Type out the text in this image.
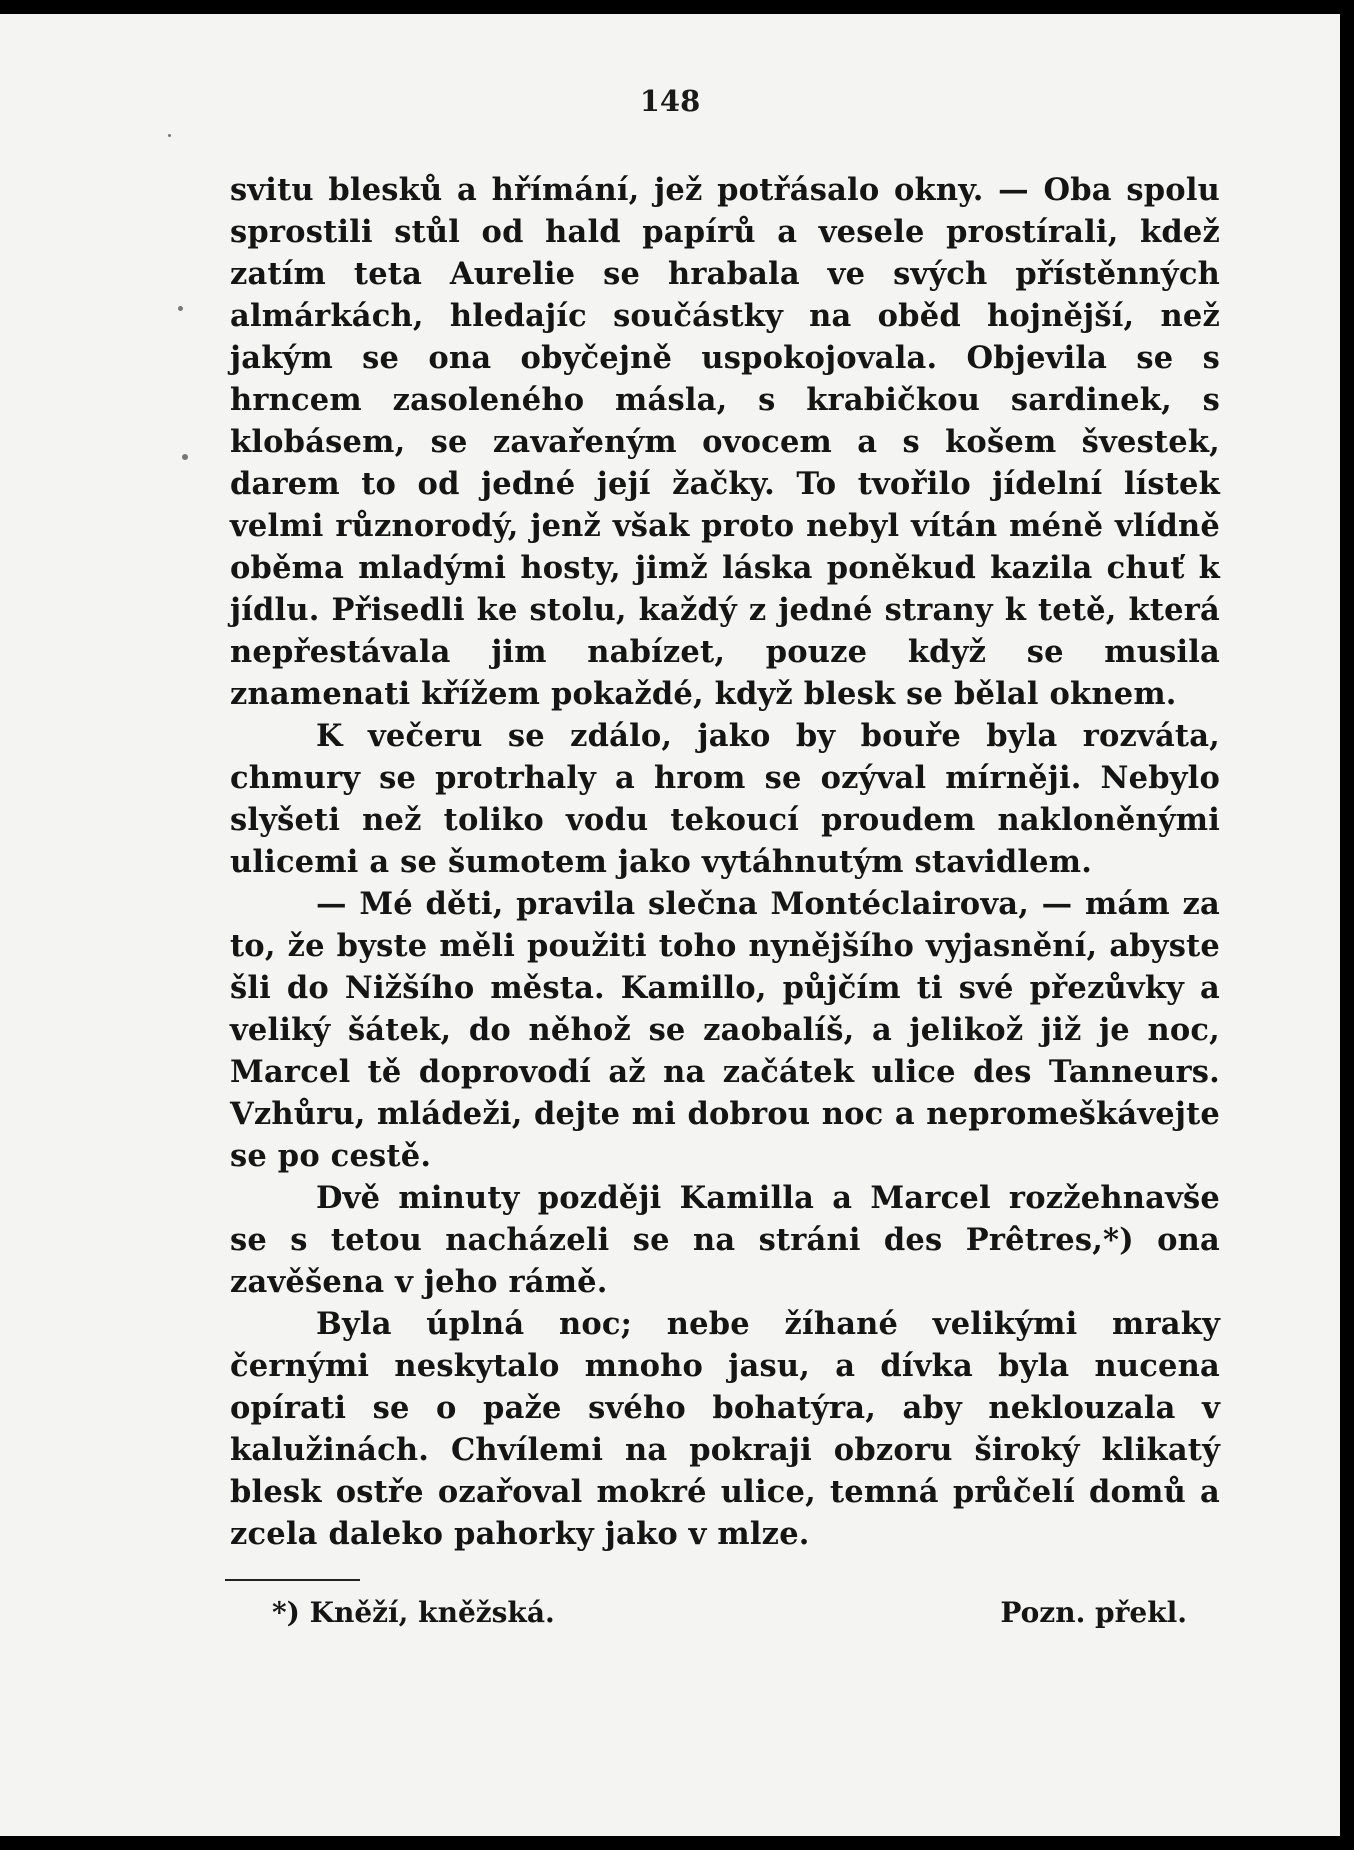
148

svitu blesků a hřímání, jež potřásalo okny. — Oba spolu sprostili stůl od hald papírů a vesele prostírali, kdež zatím teta Aurelie se hrabala ve svých přístěnných almárkách, hledajíc součástky na oběd hojnější, než jakým se ona obyčejně uspokojovala. Objevila se s hrncem zasoleného másla, s krabičkou sardinek, s klobásem, se zavařeným ovocem a s košem švestek, darem to od jedné její žačky. To tvořilo jídelní lístek velmi různorodý, jenž však proto nebyl vítán méně vlídně oběma mladými hosty, jimž láska poněkud kazila chuť k jídlu. Přisedli ke stolu, každý z jedné strany k tetě, která nepřestávala jim nabízet, pouze když se musila znamenati křížem pokaždé, když blesk se bělal oknem.

K večeru se zdálo, jako by bouře byla rozváta, chmury se protrhaly a hrom se ozýval mírněji. Nebylo slyšeti než toliko vodu tekoucí proudem nakloněnými ulicemi a se šumotem jako vytáhnutým stavidlem.

— Mé děti, pravila slečna Montéclairova, — mám za to, že byste měli použiti toho nynějšího vyjasnění, abyste šli do Nižšího města. Kamillo, půjčím ti své přezůvky a veliký šátek, do něhož se zaobalíš, a jelikož již je noc, Marcel tě doprovodí až na začátek ulice des Tanneurs. Vzhůru, mládeži, dejte mi dobrou noc a nepromeškávejte se po cestě.

Dvě minuty později Kamilla a Marcel rozžehnavše se s tetou nacházeli se na stráni des Prêtres,*) ona zavěšena v jeho rámě.

Byla úplná noc; nebe žíhané velikými mraky černými neskytalo mnoho jasu, a dívka byla nucena opírati se o paže svého bohatýra, aby neklouzala v kalužinách. Chvílemi na pokraji obzoru široký klikatý blesk ostře ozařoval mokré ulice, temná průčelí domů a zcela daleko pahorky jako v mlze.

*) Kněží, kněžská.	Pozn. překl.
